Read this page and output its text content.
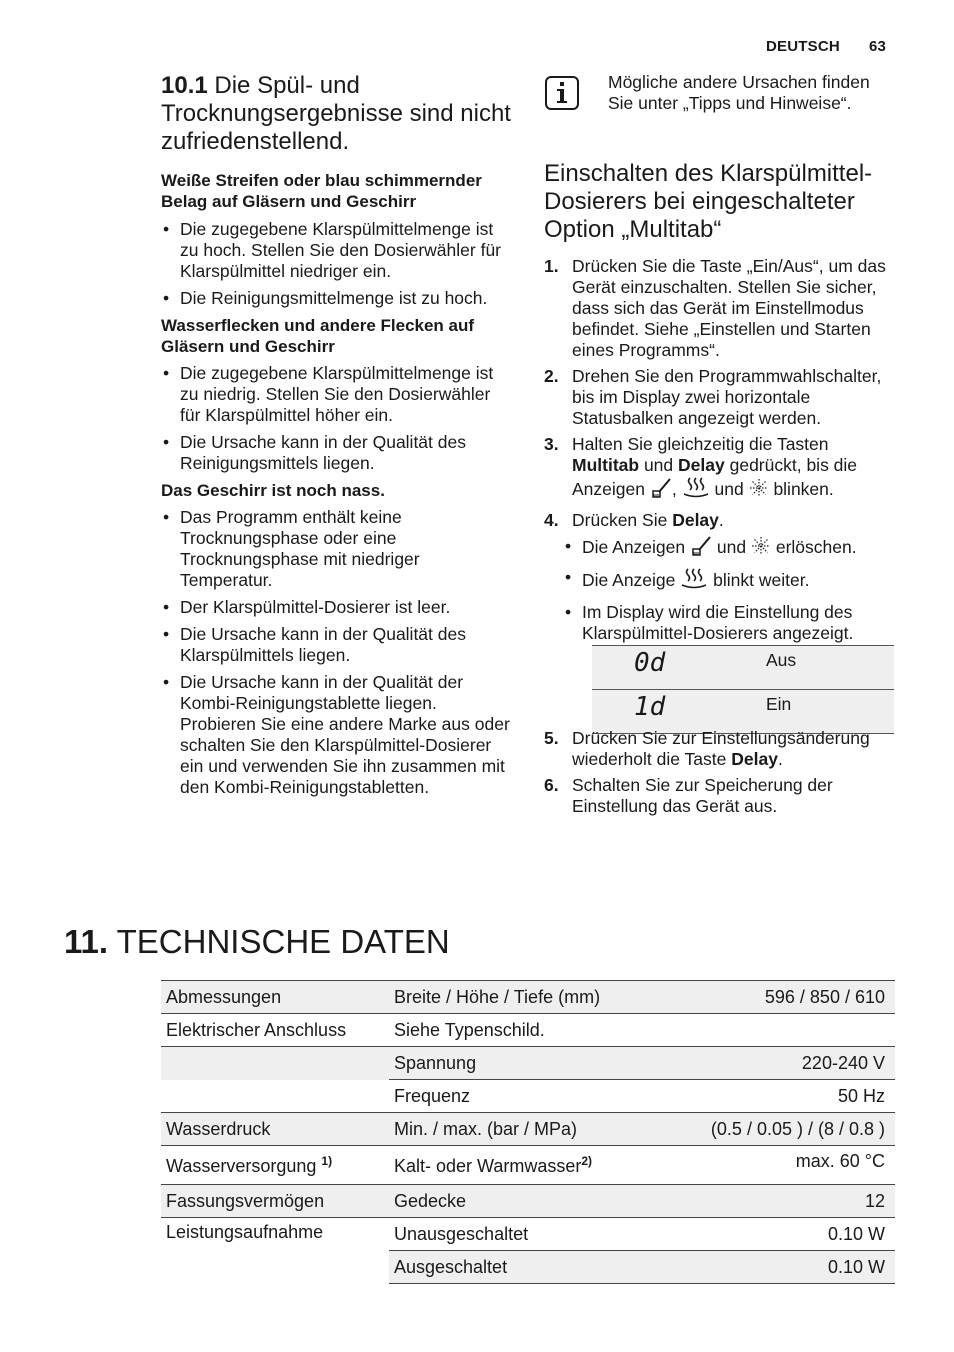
DEUTSCH 63
10.1 Die Spül- und Trocknungsergebnisse sind nicht zufriedenstellend.
Weiße Streifen oder blau schimmernder Belag auf Gläsern und Geschirr
• Die zugegebene Klarspülmittelmenge ist zu hoch. Stellen Sie den Dosierwähler für Klarspülmittel niedriger ein.
• Die Reinigungsmittelmenge ist zu hoch.
Wasserflecken und andere Flecken auf Gläsern und Geschirr
• Die zugegebene Klarspülmittelmenge ist zu niedrig. Stellen Sie den Dosierwähler für Klarspülmittel höher ein.
• Die Ursache kann in der Qualität des Reinigungsmittels liegen.
Das Geschirr ist noch nass.
• Das Programm enthält keine Trocknungsphase oder eine Trocknungsphase mit niedriger Temperatur.
• Der Klarspülmittel-Dosierer ist leer.
• Die Ursache kann in der Qualität des Klarspülmittels liegen.
• Die Ursache kann in der Qualität der Kombi-Reinigungstablette liegen. Probieren Sie eine andere Marke aus oder schalten Sie den Klarspülmittel-Dosierer ein und verwenden Sie ihn zusammen mit den Kombi-Reinigungstabletten.
Mögliche andere Ursachen finden Sie unter „Tipps und Hinweise“.
Einschalten des Klarspülmittel-Dosierers bei eingeschalteter Option „Multitab“
1. Drücken Sie die Taste „Ein/Aus“, um das Gerät einzuschalten. Stellen Sie sicher, dass sich das Gerät im Einstellmodus befindet. Siehe „Einstellen und Starten eines Programms“.
2. Drehen Sie den Programmwahlschalter, bis im Display zwei horizontale Statusbalken angezeigt werden.
3. Halten Sie gleichzeitig die Tasten Multitab und Delay gedrückt, bis die Anzeigen , und blinken.
4. Drücken Sie Delay.
• Die Anzeigen und erlöschen.
• Die Anzeige blinkt weiter.
• Im Display wird die Einstellung des Klarspülmittel-Dosierers angezeigt.
0d	Aus
1d	Ein
5. Drücken Sie zur Einstellungsänderung wiederholt die Taste Delay.
6. Schalten Sie zur Speicherung der Einstellung das Gerät aus.
11. TECHNISCHE DATEN
Abmessungen	Breite / Höhe / Tiefe (mm)	596 / 850 / 610
Elektrischer Anschluss	Siehe Typenschild.	
	Spannung	220-240 V
	Frequenz	50 Hz
Wasserdruck	Min. / max. (bar / MPa)	(0.5 / 0.05 ) / (8 / 0.8 )
Wasserversorgung $^{1)}$	Kalt- oder Warmwasser$^{2)}$	max. 60 °C
Fassungsvermögen	Gedecke	12
Leistungsaufnahme	Unausgeschaltet	0.10 W
	Ausgeschaltet	0.10 W
